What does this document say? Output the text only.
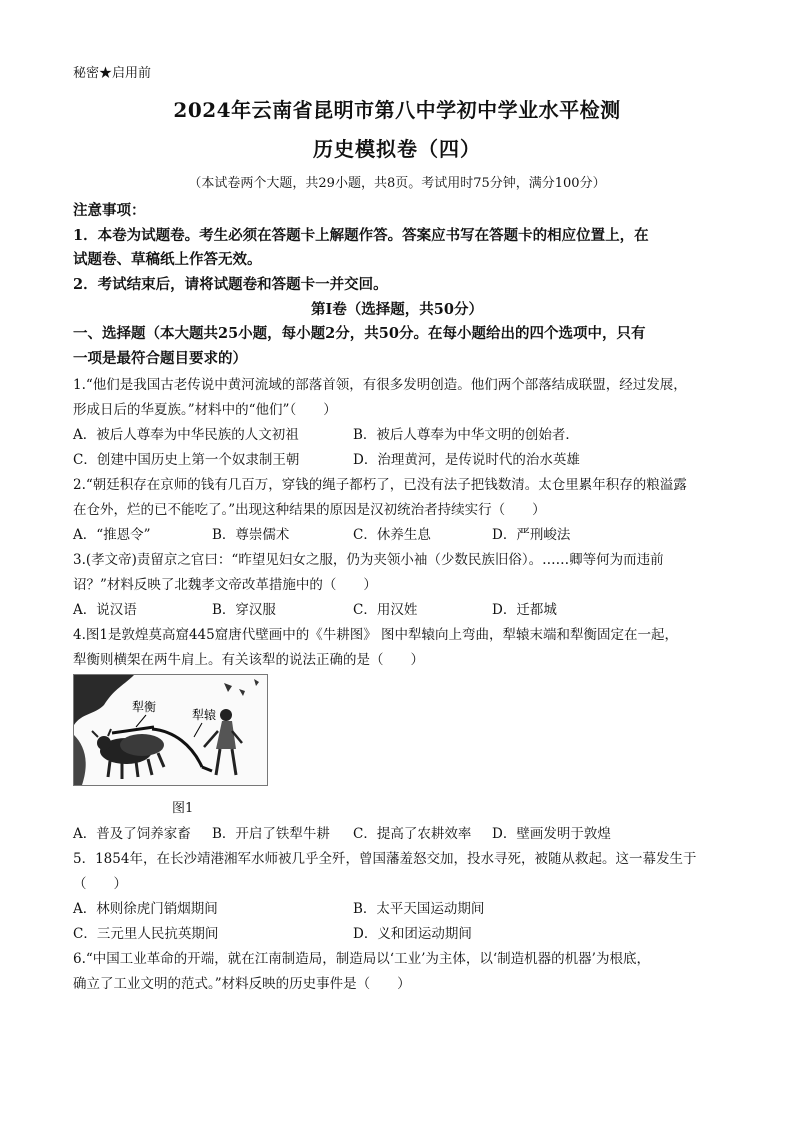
秘密★启用前
2024年云南省昆明市第八中学初中学业水平检测
历史模拟卷（四）
（本试卷两个大题，共29小题，共8页。考试用时75分钟，满分100分）
注意事项：
1．本卷为试题卷。考生必须在答题卡上解题作答。答案应书写在答题卡的相应位置上，在
试题卷、草稿纸上作答无效。
2．考试结束后，请将试题卷和答题卡一并交回。
第Ⅰ卷（选择题，共50分）
一、选择题（本大题共25小题，每小题2分，共50分。在每小题给出的四个选项中，只有
一项是最符合题目要求的）
1.“他们是我国古老传说中黄河流域的部落首领，有很多发明创造。他们两个部落结成联盟，经过发展，
形成日后的华夏族。”材料中的“他们”（　　）
A．被后人尊奉为中华民族的人文初祖	B．被后人尊奉为中华文明的创始者．
C．创建中国历史上第一个奴隶制王朝	D．治理黄河，是传说时代的治水英雄
2.“朝廷积存在京师的钱有几百万，穿钱的绳子都朽了，已没有法子把钱数清。太仓里累年积存的粮溢露
在仓外，烂的已不能吃了。”出现这种结果的原因是汉初统治者持续实行（　　）
A．“推恩令”	B．尊崇儒术	C．休养生息	D．严刑峻法
3.(孝文帝)责留京之官曰：“昨望见妇女之服，仍为夹领小袖（少数民族旧俗）。……卿等何为而违前
诏？”材料反映了北魏孝文帝改革措施中的（　　）
A．说汉语	B．穿汉服	C．用汉姓	D．迁都城
4.图1是敦煌莫高窟445窟唐代壁画中的《牛耕图》 图中犁辕向上弯曲，犁辕末端和犁衡固定在一起，
犁衡则横架在两牛肩上。有关该犁的说法正确的是（　　）
犁衡
犁辕
图1
A．普及了饲养家畜 B．开启了铁犁牛耕 C．提高了农耕效率 D．壁画发明于敦煌
5．1854年，在长沙靖港湘军水师被几乎全歼，曾国藩羞怒交加，投水寻死，被随从救起。这一幕发生于
（　　）
A．林则徐虎门销烟期间	B．太平天国运动期间
C．三元里人民抗英期间	D．义和团运动期间
6.“中国工业革命的开端，就在江南制造局，制造局以‘工业’为主体，以‘制造机器的机器’为根底，
确立了工业文明的范式。”材料反映的历史事件是（　　）
